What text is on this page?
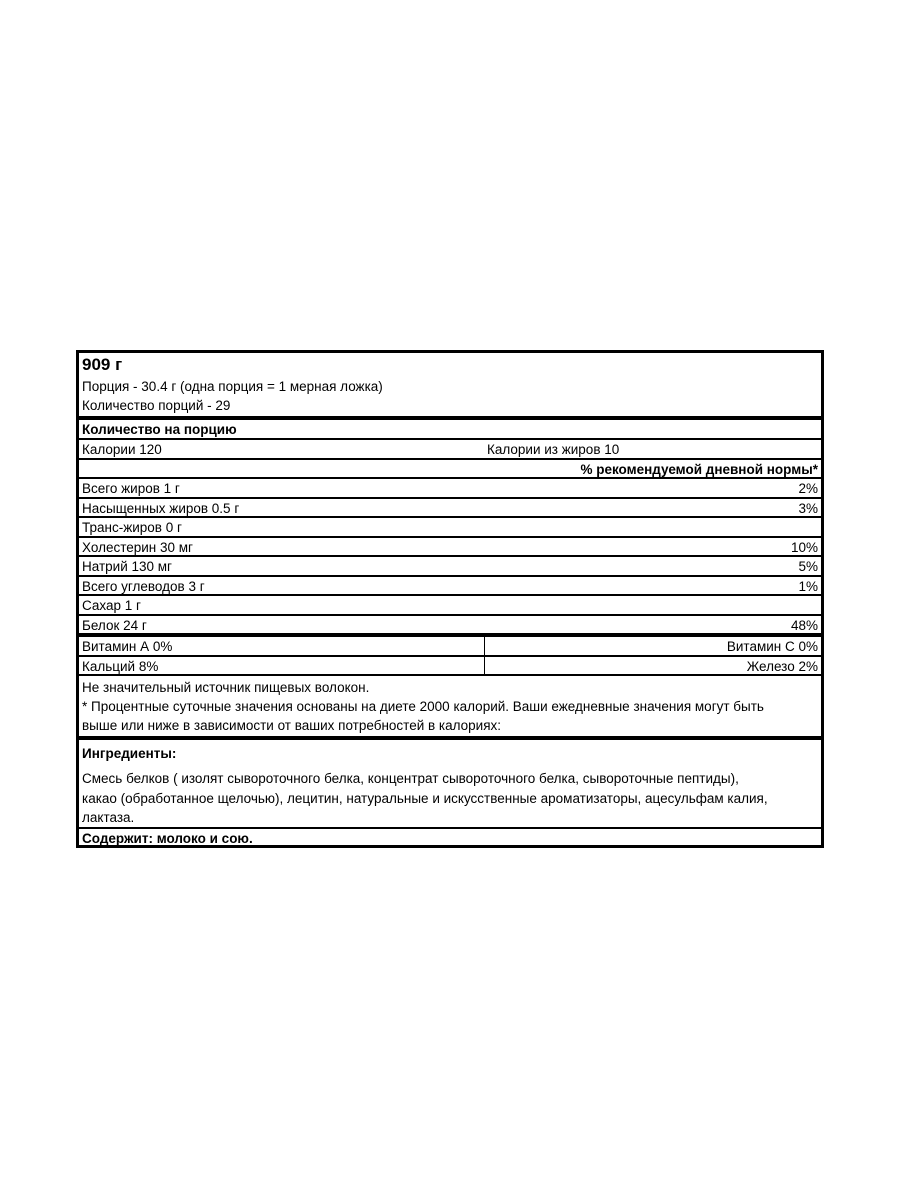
909 г
Порция - 30.4 г (одна порция = 1 мерная ложка)
Количество порций - 29
Количество на порцию
Калории 120	Калории из жиров 10
% рекомендуемой дневной нормы*
Всего жиров 1 г	2%
Насыщенных жиров 0.5 г	3%
Транс-жиров 0 г
Холестерин 30 мг	10%
Натрий 130 мг	5%
Всего углеводов 3 г	1%
Сахар 1 г
Белок 24 г	48%
Витамин А 0%	Витамин С 0%
Кальций 8%	Железо 2%
Не значительный источник пищевых волокон.
* Процентные суточные значения основаны на диете 2000 калорий. Ваши ежедневные значения могут быть
выше или ниже в зависимости от ваших потребностей в калориях:
Ингредиенты:
Смесь белков ( изолят сывороточного белка, концентрат сывороточного белка, сывороточные пептиды),
какао (обработанное щелочью), лецитин, натуральные и искусственные ароматизаторы, ацесульфам калия,
лактаза.
Содержит: молоко и сою.
